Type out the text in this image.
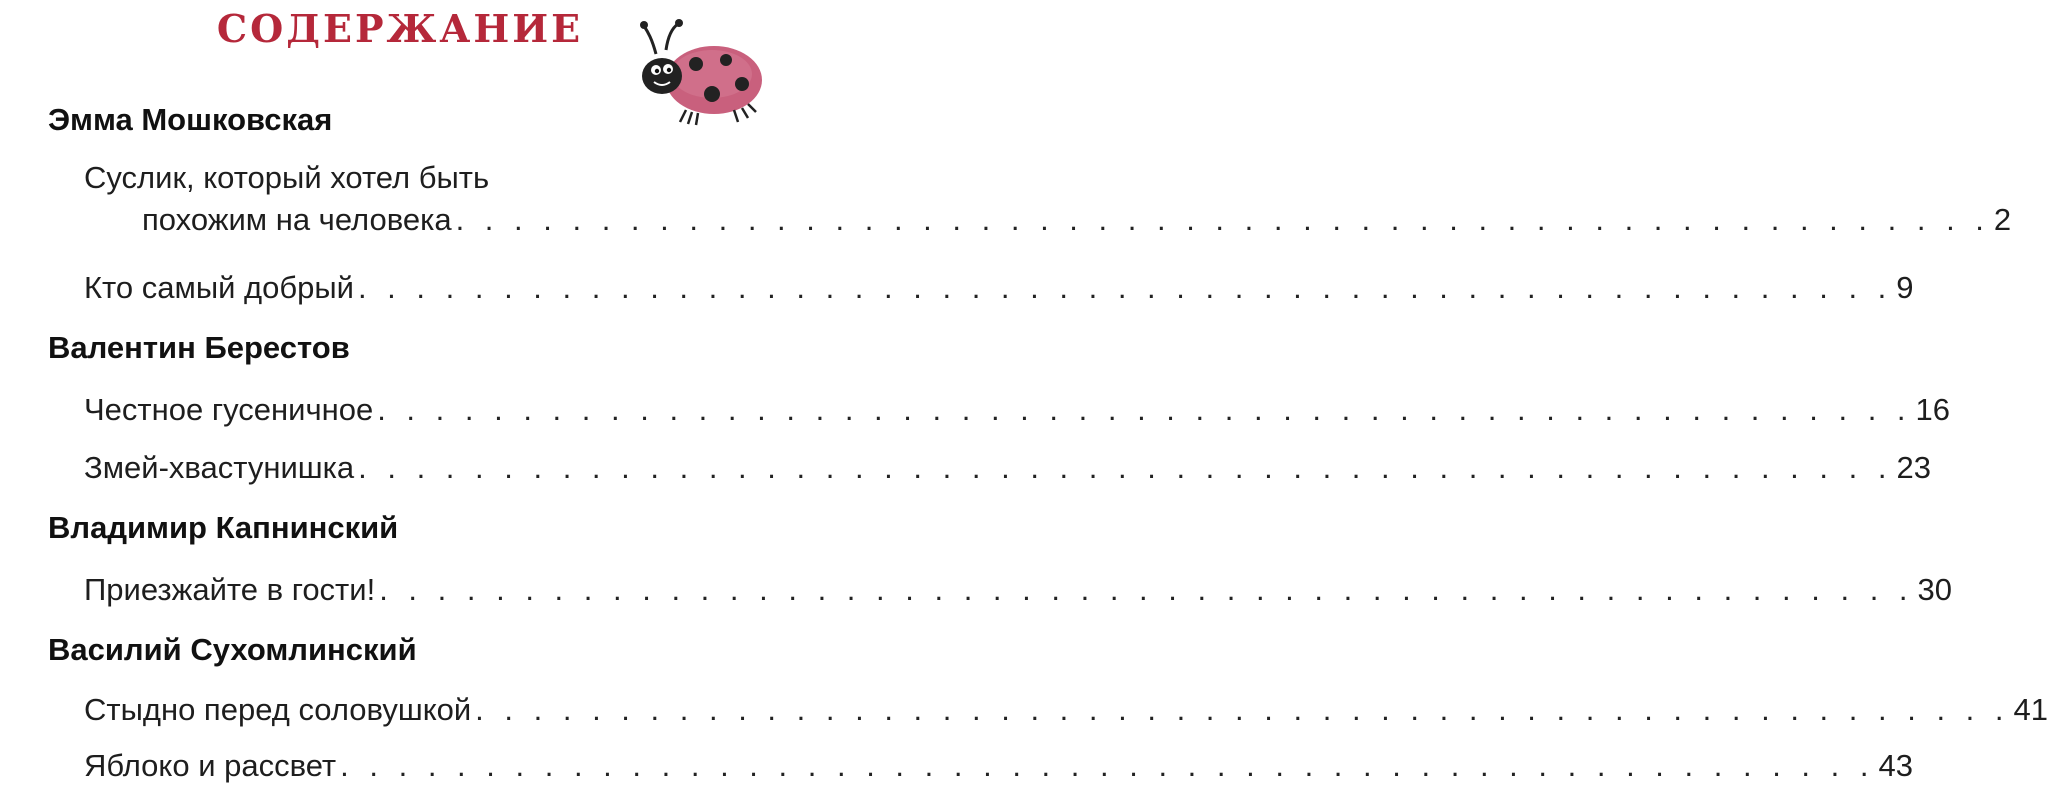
СОДЕРЖАНИЕ
Эмма Мошковская
Суслик, который хотел быть
похожим на человека . . .	2
Кто самый добрый . . .	9
Валентин Берестов
Честное гусеничное . . .	16
Змей-хвастунишка . . .	23
Владимир Капнинский
Приезжайте в гости! . . .	30
Василий Сухомлинский
Стыдно перед соловушкой . . .	41
Яблоко и рассвет . . .	43
